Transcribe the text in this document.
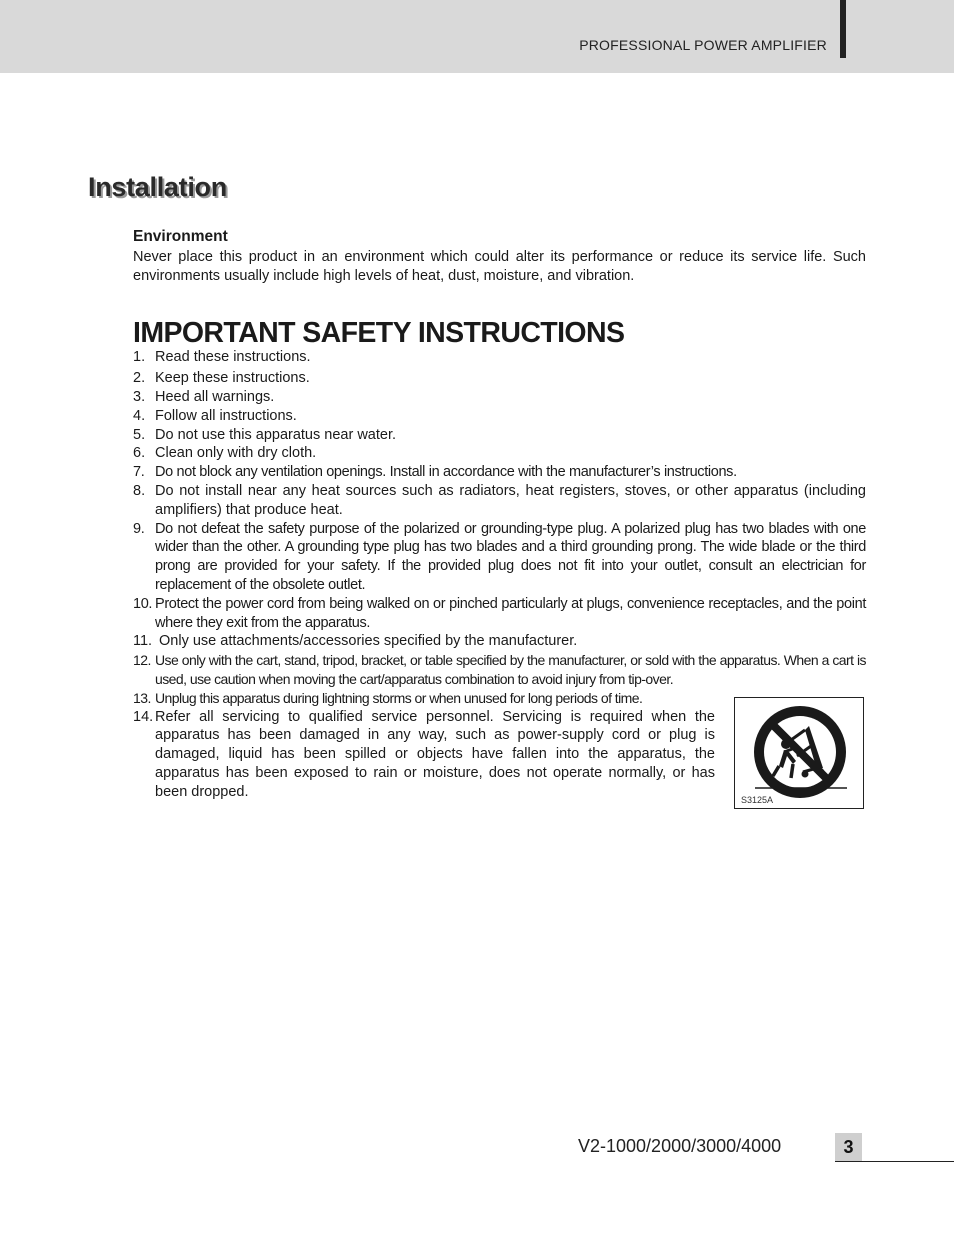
PROFESSIONAL POWER AMPLIFIER
Installation
Environment

Never place this product in an environment which could alter its performance or reduce its service life. Such environments usually include high levels of heat, dust, moisture, and vibration.

IMPORTANT SAFETY INSTRUCTIONS
1. Read these instructions.
2. Keep these instructions.
3. Heed all warnings.
4. Follow all instructions.
5. Do not use this apparatus near water.
6. Clean only with dry cloth.
7. Do not block any ventilation openings. Install in accordance with the manufacturer’s instructions.
8. Do not install near any heat sources such as radiators, heat registers, stoves, or other apparatus (including amplifiers) that produce heat.
9. Do not defeat the safety purpose of the polarized or grounding-type plug. A polarized plug has two blades with one wider than the other. A grounding type plug has two blades and a third grounding prong. The wide blade or the third prong are provided for your safety. If the provided plug does not fit into your outlet, consult an electrician for replacement of the obsolete outlet.
10. Protect the power cord from being walked on or pinched particularly at plugs, convenience receptacles, and the point where they exit from the apparatus.
11. Only use attachments/accessories specified by the manufacturer.
12. Use only with the cart, stand, tripod, bracket, or table specified by the manufacturer, or sold with the apparatus. When a cart is used, use caution when moving the cart/apparatus combination to avoid injury from tip-over.
13. Unplug this apparatus during lightning storms or when unused for long periods of time.
14. Refer all servicing to qualified service personnel. Servicing is required when the apparatus has been damaged in any way, such as power-supply cord or plug is damaged, liquid has been spilled or objects have fallen into the apparatus, the apparatus has been exposed to rain or moisture, does not operate normally, or has been dropped.
S3125A
V2-1000/2000/3000/4000	3
